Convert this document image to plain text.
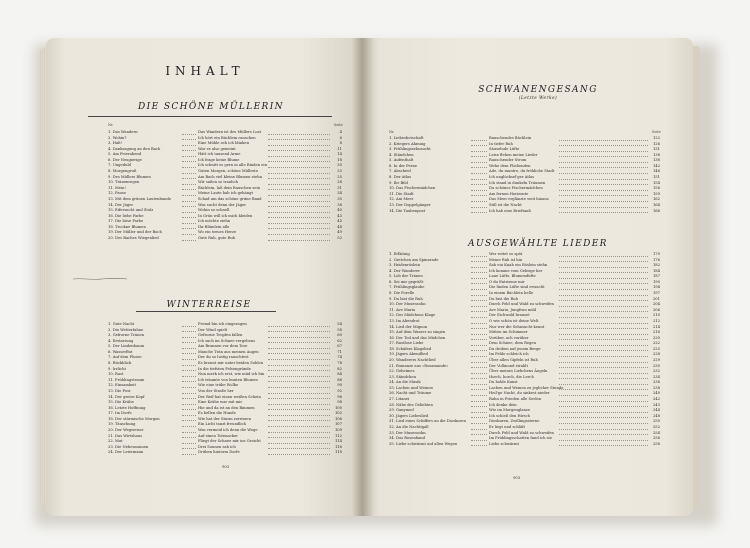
INHALT
DIE SCHÖNE MÜLLERIN
Nr.	Seite
1. Das Wandern	Das Wandern ist des Müllers Lust	4
2. Wohin?	Ich hört ein Bächlein rauschen	6
3. Halt!	Eine Mühle seh ich blinken	8
4. Danksagung an den Bach	War es also gemeint	11
5. Am Feierabend	Hätt ich tausend Arme	14
6. Der Neugierige	Ich frage keine Blume	18
7. Ungeduld	Ich schnitt es gern in alle Rinden ein	20
8. Morgengruß	Guten Morgen, schöne Müllerin	23
9. Des Müllers Blumen	Am Bach viel kleine Blumen stehn	25
10. Tränenregen	Wir saßen so traulich	28
11. Mein!	Bächlein, laß dein Rauschen sein	31
12. Pause	Meine Laute hab ich gehängt	34
13. Mit dem grünen Lautenbande	Schad um das schöne grüne Band	35
14. Der Jäger	Was sucht denn der Jäger	38
15. Eifersucht und Stolz	Wohin so schnell	40
16. Die liebe Farbe	In Grün will ich mich kleiden	43
17. Die böse Farbe	Ich möchte ziehn	45
18. Trockne Blumen	Ihr Blümlein alle	48
19. Der Müller und der Bach	Wo ein treues Herze	49
20. Des Baches Wiegenlied	Gute Ruh, gute Ruh	52
WINTERREISE
1. Gute Nacht	Fremd bin ich eingezogen	54
2. Die Wetterfahne	Der Wind spielt	58
3. Gefrorne Tränen	Gefrorne Tropfen fallen	60
4. Erstarrung	Ich such im Schnee vergebens	62
5. Der Lindenbaum	Am Brunnen vor dem Tore	67
6. Wasserflut	Manche Trän aus meinen Augen	71
7. Auf dem Flusse	Der du so lustig rauschtest	74
8. Rückblick	Es brennt mir unter beiden Sohlen	78
9. Irrlicht	In die tiefsten Felsengründe	82
10. Rast	Nun merk ich erst, wie müd ich bin	84
11. Frühlingstraum	Ich träumte von bunten Blumen	86
12. Einsamkeit	Wie eine trübe Wolke	90
13. Die Post	Von der Straße her	92
14. Der greise Kopf	Der Reif hat einen weißen Schein	96
15. Die Krähe	Eine Krähe war mit mir	98
16. Letzte Hoffnung	Hie und da ist an den Bäumen	100
17. Im Dorfe	Es bellen die Hunde	102
18. Der stürmische Morgen	Wie hat der Sturm zerrissen	106
19. Täuschung	Ein Licht tanzt freundlich	107
20. Der Wegweiser	Was vermeid ich denn die Wege	109
21. Das Wirtshaus	Auf einen Totenacker	112
22. Mut	Fliegt der Schnee mir ins Gesicht	114
23. Die Nebensonnen	Drei Sonnen sah ich	116
24. Der Leiermann	Drüben hinterm Dorfe	118
903
SCHWANENGESANG
(Letzte Werke)
Nr.	Seite
1. Liebesbotschaft	Rauschendes Bächlein	122
2. Kriegers Ahnung	In tiefer Ruh	126
3. Frühlingssehnsucht	Säuselnde Lüfte	131
4. Ständchen	Leise flehen meine Lieder	138
5. Aufenthalt	Rauschender Strom	138
6. In der Ferne	Wehe dem Fliehenden	142
7. Abschied	Ade, du muntre, du fröhliche Stadt	146
8. Der Atlas	Ich unglücksel'ger Atlas	151
9. Ihr Bild	Ich stand in dunkeln Träumen	154
10. Das Fischermädchen	Du schönes Fischermädchen	156
11. Die Stadt	Am fernen Horizonte	159
12. Am Meer	Das Meer erglänzte weit hinaus	162
13. Der Doppelgänger	Still ist die Nacht	164
14. Die Taubenpost	Ich hab eine Brieftaub	166
AUSGEWÄHLTE LIEDER
1. Erlkönig	Wer reitet so spät	170
2. Gretchen am Spinnrade	Meine Ruh ist hin	176
3. Heidenröslein	Sah ein Knab ein Röslein stehn	182
4. Der Wanderer	Ich komme vom Gebirge her	184
5. Lob der Tränen	Laue Lüfte, Blumendüfte	187
6. Sei mir gegrüßt	O du Entrissne mir	190
7. Frühlingsglaube	Die linden Lüfte sind erwacht	194
8. Die Forelle	In einem Bächlein helle	197
9. Du bist die Ruh	Du bist die Ruh	201
10. Der Musensohn	Durch Feld und Wald zu schweifen	204
11. Ave Maria	Ave Maria, Jungfrau mild	206
12. Des Mädchens Klage	Der Eichwald brauset	210
13. Im Abendrot	O wie schön ist deine Welt	212
14. Lied der Mignon	Nur wer die Sehnsucht kennt	214
15. Auf dem Wasser zu singen	Mitten im Schimmer	216
16. Der Tod und das Mädchen	Vorüber, ach vorüber	220
17. Rastlose Liebe	Dem Schnee, dem Regen	222
18. Schäfers Klagelied	Da droben auf jenem Berge	225
19. Jägers Abendlied	Im Felde schleich ich	228
20. Wanderers Nachtlied	Über allen Gipfeln ist Ruh	229
21. Romanze aus »Rosamunde«	Der Vollmond strahlt	230
22. Geheimes	Über meines Liebchens Äugeln	232
23. Ständchen	Horch, horch, die Lerch	234
24. An die Musik	Du holde Kunst	236
25. Lachen und Weinen	Lachen und Weinen zu jeglicher Stunde	238
26. Nacht und Träume	Heil'ge Nacht, du sinkest nieder	240
27. Litanei	Ruhn in Frieden alle Seelen	242
28. Nähe des Geliebten	Ich denke dein	243
29. Ganymed	Wie im Morgenglanze	244
30. Jägers Liebeslied	Ich schieß den Hirsch	248
31. Lied eines Schiffers an die Dioskuren	Dioskuren, Zwillingssterne	250
32. An die Nachtigall	Er liegt und schläft	252
33. Der Musensohn	Durch Feld und Wald zu schweifen	254
34. Das Rosenband	Im Frühlingsschatten fand ich sie	256
35. Liebe schwärmt auf allen Wegen	Liebe schwärmt	258
903
